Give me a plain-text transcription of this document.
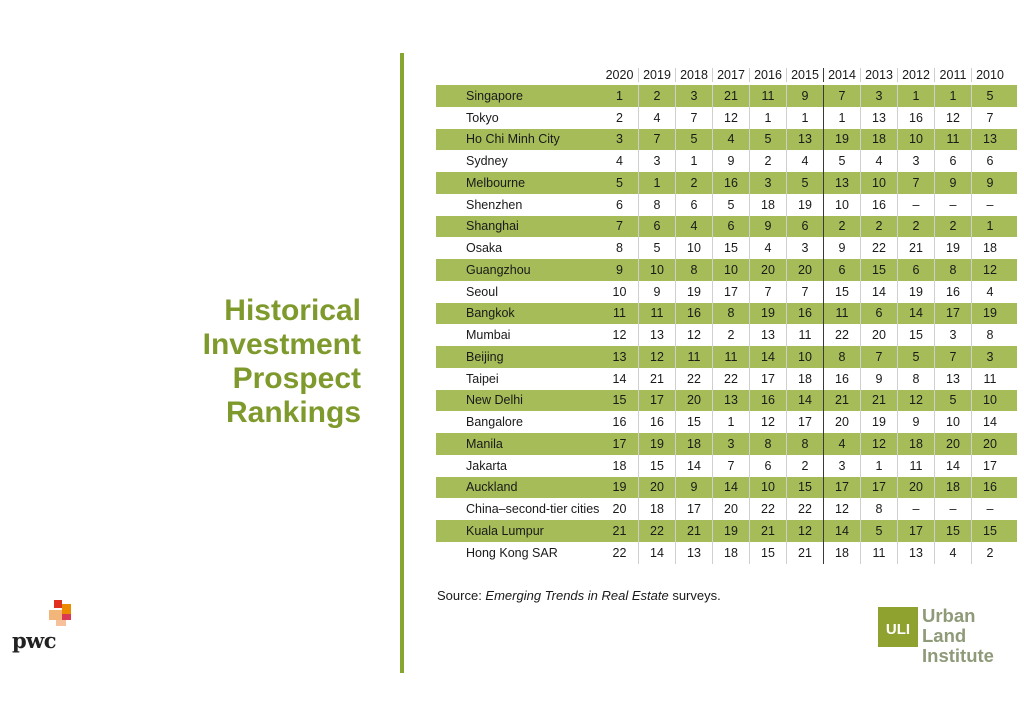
Historical
Investment
Prospect
Rankings
2020 2019 2018 2017 2016 2015 2014 2013 2012 2011 2010
Singapore	1	2	3	21	11	9	7	3	1	1	5
Tokyo	2	4	7	12	1	1	1	13	16	12	7
Ho Chi Minh City	3	7	5	4	5	13	19	18	10	11	13
Sydney	4	3	1	9	2	4	5	4	3	6	6
Melbourne	5	1	2	16	3	5	13	10	7	9	9
Shenzhen	6	8	6	5	18	19	10	16	–	–	–
Shanghai	7	6	4	6	9	6	2	2	2	2	1
Osaka	8	5	10	15	4	3	9	22	21	19	18
Guangzhou	9	10	8	10	20	20	6	15	6	8	12
Seoul	10	9	19	17	7	7	15	14	19	16	4
Bangkok	11	11	16	8	19	16	11	6	14	17	19
Mumbai	12	13	12	2	13	11	22	20	15	3	8
Beijing	13	12	11	11	14	10	8	7	5	7	3
Taipei	14	21	22	22	17	18	16	9	8	13	11
New Delhi	15	17	20	13	16	14	21	21	12	5	10
Bangalore	16	16	15	1	12	17	20	19	9	10	14
Manila	17	19	18	3	8	8	4	12	18	20	20
Jakarta	18	15	14	7	6	2	3	1	11	14	17
Auckland	19	20	9	14	10	15	17	17	20	18	16
China–second-tier cities	20	18	17	20	22	22	12	8	–	–	–
Kuala Lumpur	21	22	21	19	21	12	14	5	17	15	15
Hong Kong SAR	22	14	13	18	15	21	18	11	13	4	2
Source: Emerging Trends in Real Estate surveys.
pwc	ULI
Urban Land
Institute
